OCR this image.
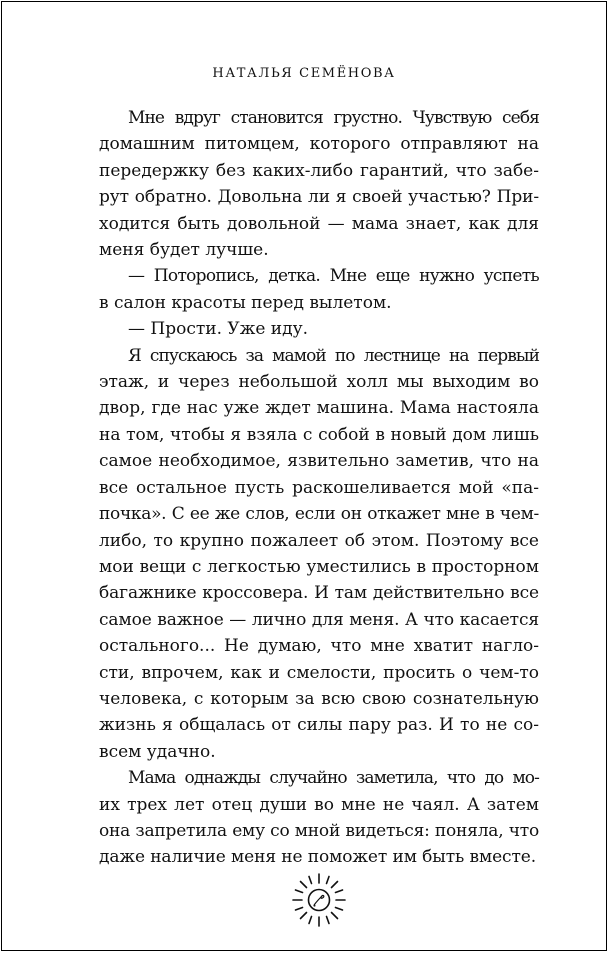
НАТАЛЬЯ СЕМЁНОВА

Мне вдруг становится грустно. Чувствую себя
домашним питомцем, которого отправляют на
передержку без каких-либо гарантий, что забе-
рут обратно. Довольна ли я своей участью? При-
ходится быть довольной — мама знает, как для
меня будет лучше.

— Поторопись, детка. Мне еще нужно успеть
в салон красоты перед вылетом.

— Прости. Уже иду.

Я спускаюсь за мамой по лестнице на первый
этаж, и через небольшой холл мы выходим во
двор, где нас уже ждет машина. Мама настояла
на том, чтобы я взяла с собой в новый дом лишь
самое необходимое, язвительно заметив, что на
все остальное пусть раскошеливается мой «па-
почка». С ее же слов, если он откажет мне в чем-
либо, то крупно пожалеет об этом. Поэтому все
мои вещи с легкостью уместились в просторном
багажнике кроссовера. И там действительно все
самое важное — лично для меня. А что касается
остального... Не думаю, что мне хватит нагло-
сти, впрочем, как и смелости, просить о чем-то
человека, с которым за всю свою сознательную
жизнь я общалась от силы пару раз. И то не со-
всем удачно.

Мама однажды случайно заметила, что до мо-
их трех лет отец души во мне не чаял. А затем
она запретила ему со мной видеться: поняла, что
даже наличие меня не поможет им быть вместе.
